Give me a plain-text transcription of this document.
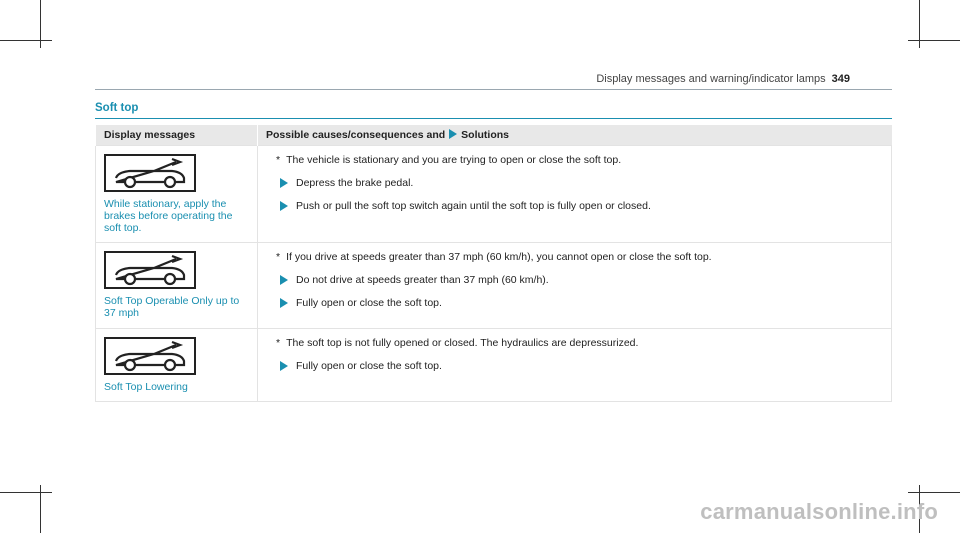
Display messages and warning/indicator lamps 349
Soft top
Display messages	Possible causes/consequences and Solutions

While stationary, apply the brakes before operating the soft top.	* The vehicle is stationary and you are trying to open or close the soft top.
Depress the brake pedal.
Push or pull the soft top switch again until the soft top is fully open or closed.

Soft Top Operable Only up to 37 mph	* If you drive at speeds greater than 37 mph (60 km/h), you cannot open or close the soft top.
Do not drive at speeds greater than 37 mph (60 km/h).
Fully open or close the soft top.

Soft Top Lowering	* The soft top is not fully opened or closed. The hydraulics are depressurized.
Fully open or close the soft top.
carmanualsonline.info
